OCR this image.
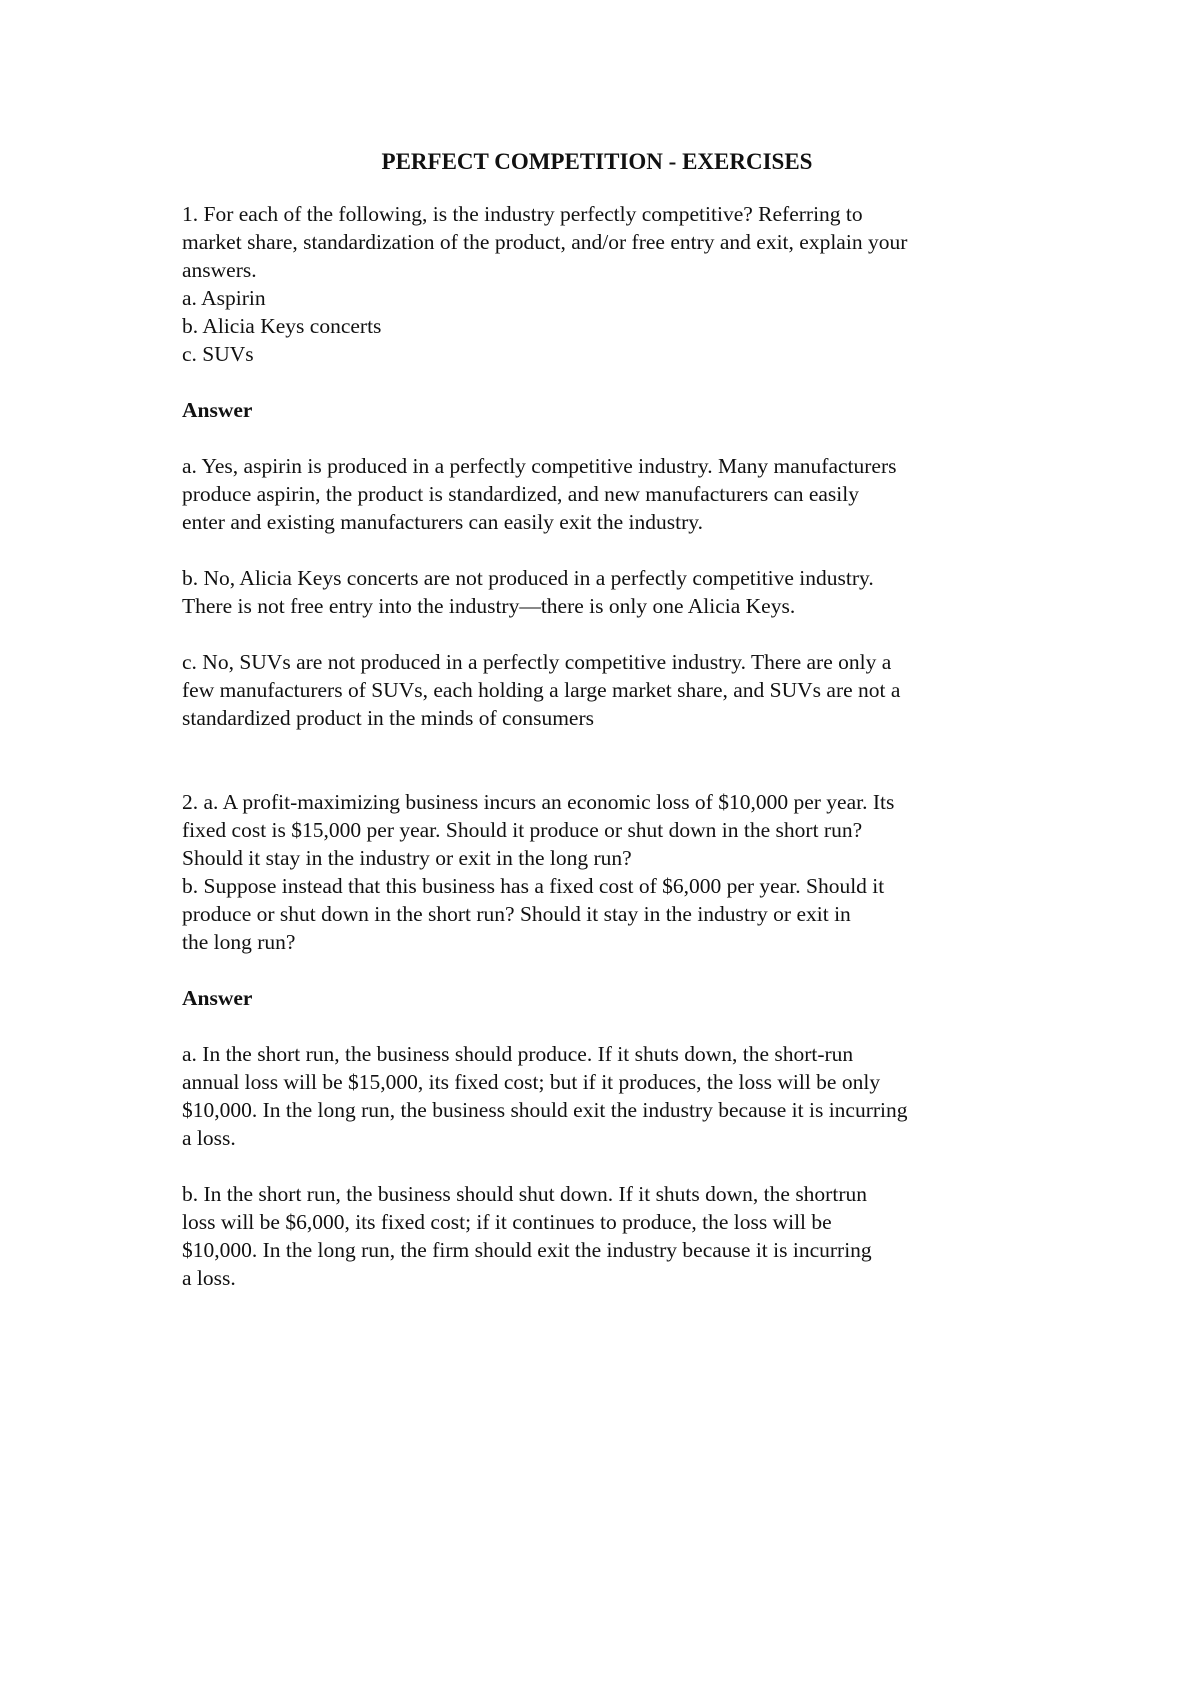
PERFECT COMPETITION - EXERCISES

1. For each of the following, is the industry perfectly competitive? Referring to
market share, standardization of the product, and/or free entry and exit, explain your
answers.
a. Aspirin
b. Alicia Keys concerts
c. SUVs

Answer

a. Yes, aspirin is produced in a perfectly competitive industry. Many manufacturers
produce aspirin, the product is standardized, and new manufacturers can easily
enter and existing manufacturers can easily exit the industry.

b. No, Alicia Keys concerts are not produced in a perfectly competitive industry.
There is not free entry into the industry—there is only one Alicia Keys.

c. No, SUVs are not produced in a perfectly competitive industry. There are only a
few manufacturers of SUVs, each holding a large market share, and SUVs are not a
standardized product in the minds of consumers

2. a. A profit-maximizing business incurs an economic loss of $10,000 per year. Its
fixed cost is $15,000 per year. Should it produce or shut down in the short run?
Should it stay in the industry or exit in the long run?
b. Suppose instead that this business has a fixed cost of $6,000 per year. Should it
produce or shut down in the short run? Should it stay in the industry or exit in
the long run?

Answer

a. In the short run, the business should produce. If it shuts down, the short-run
annual loss will be $15,000, its fixed cost; but if it produces, the loss will be only
$10,000. In the long run, the business should exit the industry because it is incurring
a loss.

b. In the short run, the business should shut down. If it shuts down, the shortrun
loss will be $6,000, its fixed cost; if it continues to produce, the loss will be
$10,000. In the long run, the firm should exit the industry because it is incurring
a loss.
